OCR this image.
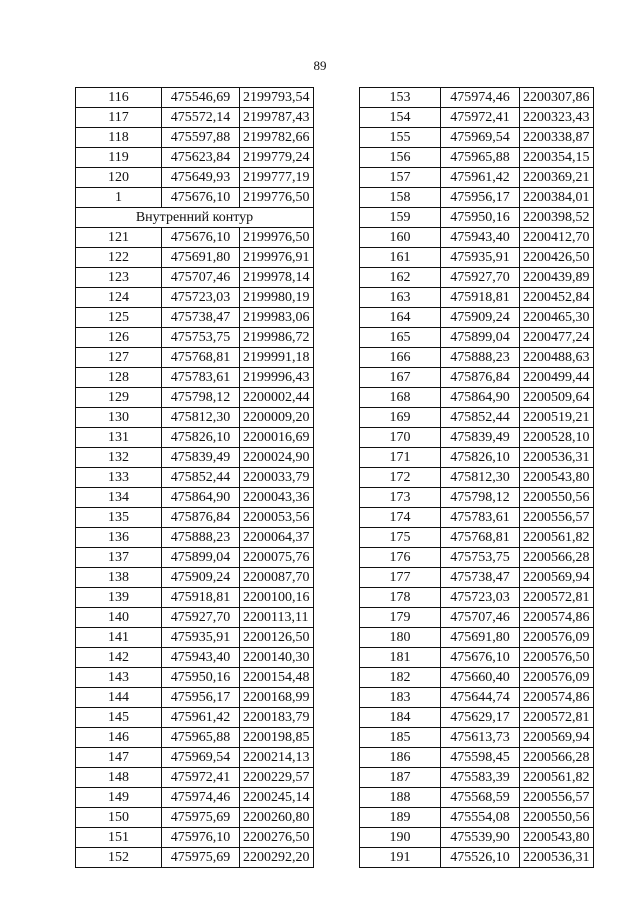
89
116	475546,69	2199793,54
117	475572,14	2199787,43
118	475597,88	2199782,66
119	475623,84	2199779,24
120	475649,93	2199777,19
1	475676,10	2199776,50
Внутренний контур		
121	475676,10	2199976,50
122	475691,80	2199976,91
123	475707,46	2199978,14
124	475723,03	2199980,19
125	475738,47	2199983,06
126	475753,75	2199986,72
127	475768,81	2199991,18
128	475783,61	2199996,43
129	475798,12	2200002,44
130	475812,30	2200009,20
131	475826,10	2200016,69
132	475839,49	2200024,90
133	475852,44	2200033,79
134	475864,90	2200043,36
135	475876,84	2200053,56
136	475888,23	2200064,37
137	475899,04	2200075,76
138	475909,24	2200087,70
139	475918,81	2200100,16
140	475927,70	2200113,11
141	475935,91	2200126,50
142	475943,40	2200140,30
143	475950,16	2200154,48
144	475956,17	2200168,99
145	475961,42	2200183,79
146	475965,88	2200198,85
147	475969,54	2200214,13
148	475972,41	2200229,57
149	475974,46	2200245,14
150	475975,69	2200260,80
151	475976,10	2200276,50
152	475975,69	2200292,20
153	475974,46	2200307,86
154	475972,41	2200323,43
155	475969,54	2200338,87
156	475965,88	2200354,15
157	475961,42	2200369,21
158	475956,17	2200384,01
159	475950,16	2200398,52
160	475943,40	2200412,70
161	475935,91	2200426,50
162	475927,70	2200439,89
163	475918,81	2200452,84
164	475909,24	2200465,30
165	475899,04	2200477,24
166	475888,23	2200488,63
167	475876,84	2200499,44
168	475864,90	2200509,64
169	475852,44	2200519,21
170	475839,49	2200528,10
171	475826,10	2200536,31
172	475812,30	2200543,80
173	475798,12	2200550,56
174	475783,61	2200556,57
175	475768,81	2200561,82
176	475753,75	2200566,28
177	475738,47	2200569,94
178	475723,03	2200572,81
179	475707,46	2200574,86
180	475691,80	2200576,09
181	475676,10	2200576,50
182	475660,40	2200576,09
183	475644,74	2200574,86
184	475629,17	2200572,81
185	475613,73	2200569,94
186	475598,45	2200566,28
187	475583,39	2200561,82
188	475568,59	2200556,57
189	475554,08	2200550,56
190	475539,90	2200543,80
191	475526,10	2200536,31
